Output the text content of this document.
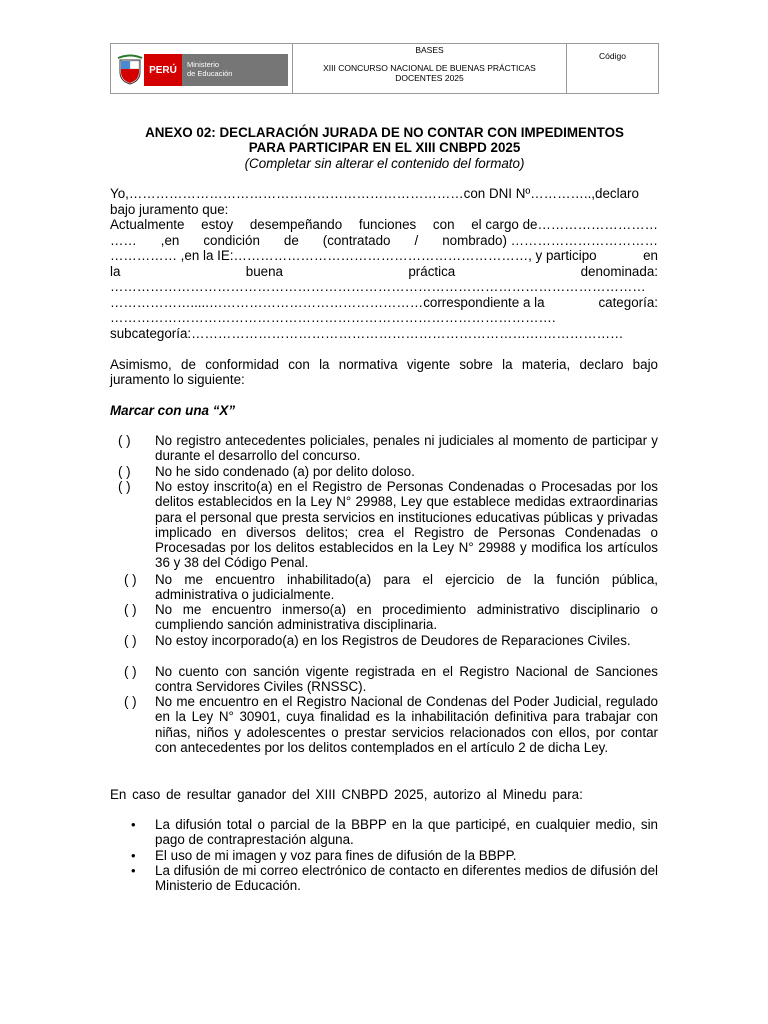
PERÚ	Ministerio
de Educación
BASES
XIII CONCURSO NACIONAL DE BUENAS PRÁCTICAS
DOCENTES 2025
Código
ANEXO 02: DECLARACIÓN JURADA DE NO CONTAR CON IMPEDIMENTOS
PARA PARTICIPAR EN EL XIII CNBPD 2025
(Completar sin alterar el contenido del formato)
Yo,…………………………………………………………………con DNI Nº…………..,declaro
bajo juramento que:
Actualmente estoy desempeñando funciones con el cargo de………………………
…… ,en condición de (contratado / nombrado) ……………………………
…………… ,en la IE:…………………………………………………………, y participo	en
la	buena	práctica	denominada:
…………………………………………………………………………………………………………
……………….....…………………………………………correspondiente a la	categoría:
……………………………………………………………………………………….
subcategoría:………………………………………………………………….…………………
Asimismo, de conformidad con la normativa vigente sobre la materia, declaro bajo juramento lo siguiente:
Marcar con una “X”
( ) No registro antecedentes policiales, penales ni judiciales al momento de participar y durante el desarrollo del concurso.
( ) No he sido condenado (a) por delito doloso.
( ) No estoy inscrito(a) en el Registro de Personas Condenadas o Procesadas por los delitos establecidos en la Ley N° 29988, Ley que establece medidas extraordinarias para el personal que presta servicios en instituciones educativas públicas y privadas implicado en diversos delitos; crea el Registro de Personas Condenadas o Procesadas por los delitos establecidos en la Ley N° 29988 y modifica los artículos 36 y 38 del Código Penal.
( ) No me encuentro inhabilitado(a) para el ejercicio de la función pública, administrativa o judicialmente.
( ) No me encuentro inmerso(a) en procedimiento administrativo disciplinario o cumpliendo sanción administrativa disciplinaria.
( ) No estoy incorporado(a) en los Registros de Deudores de Reparaciones Civiles.
( ) No cuento con sanción vigente registrada en el Registro Nacional de Sanciones contra Servidores Civiles (RNSSC).
( ) No me encuentro en el Registro Nacional de Condenas del Poder Judicial, regulado en la Ley N° 30901, cuya finalidad es la inhabilitación definitiva para trabajar con niñas, niños y adolescentes o prestar servicios relacionados con ellos, por contar con antecedentes por los delitos contemplados en el artículo 2 de dicha Ley.
En caso de resultar ganador del XIII CNBPD 2025, autorizo al Minedu para:
• La difusión total o parcial de la BBPP en la que participé, en cualquier medio, sin pago de contraprestación alguna.
• El uso de mi imagen y voz para fines de difusión de la BBPP.
• La difusión de mi correo electrónico de contacto en diferentes medios de difusión del Ministerio de Educación.
